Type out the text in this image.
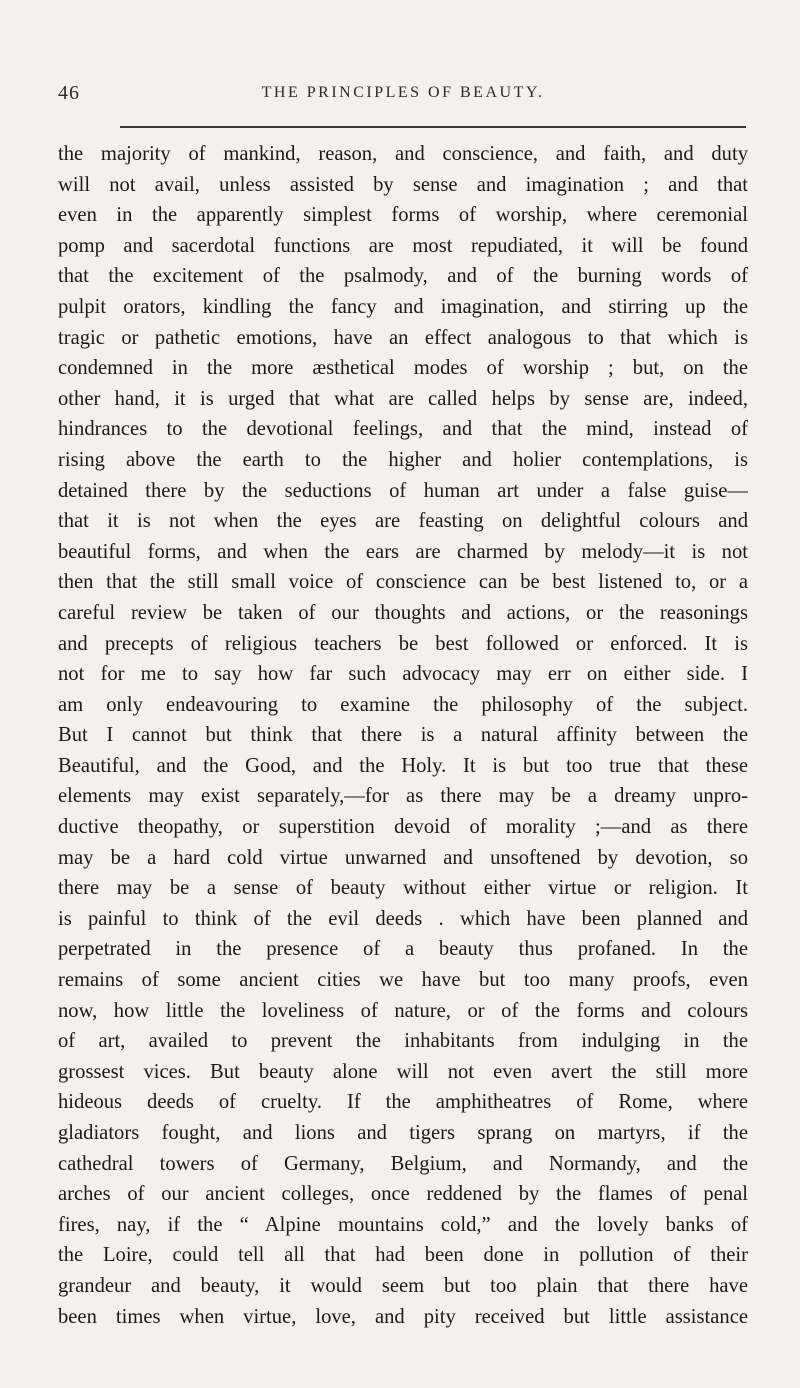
46	THE PRINCIPLES OF BEAUTY.
the majority of mankind, reason, and conscience, and faith, and duty
will not avail, unless assisted by sense and imagination ; and that
even in the apparently simplest forms of worship, where ceremonial
pomp and sacerdotal functions are most repudiated, it will be found
that the excitement of the psalmody, and of the burning words of
pulpit orators, kindling the fancy and imagination, and stirring up the
tragic or pathetic emotions, have an effect analogous to that which is
condemned in the more æsthetical modes of worship ; but, on the
other hand, it is urged that what are called helps by sense are, indeed,
hindrances to the devotional feelings, and that the mind, instead of
rising above the earth to the higher and holier contemplations, is
detained there by the seductions of human art under a false guise—
that it is not when the eyes are feasting on delightful colours and
beautiful forms, and when the ears are charmed by melody—it is not
then that the still small voice of conscience can be best listened to, or a
careful review be taken of our thoughts and actions, or the reasonings
and precepts of religious teachers be best followed or enforced. It is
not for me to say how far such advocacy may err on either side. I
am only endeavouring to examine the philosophy of the subject.
But I cannot but think that there is a natural affinity between the
Beautiful, and the Good, and the Holy. It is but too true that these
elements may exist separately,—for as there may be a dreamy unpro-
ductive theopathy, or superstition devoid of morality ;—and as there
may be a hard cold virtue unwarned and unsoftened by devotion, so
there may be a sense of beauty without either virtue or religion. It
is painful to think of the evil deeds . which have been planned and
perpetrated in the presence of a beauty thus profaned. In the
remains of some ancient cities we have but too many proofs, even
now, how little the loveliness of nature, or of the forms and colours
of art, availed to prevent the inhabitants from indulging in the
grossest vices. But beauty alone will not even avert the still more
hideous deeds of cruelty. If the amphitheatres of Rome, where
gladiators fought, and lions and tigers sprang on martyrs, if the
cathedral towers of Germany, Belgium, and Normandy, and the
arches of our ancient colleges, once reddened by the flames of penal
fires, nay, if the “ Alpine mountains cold,” and the lovely banks of
the Loire, could tell all that had been done in pollution of their
grandeur and beauty, it would seem but too plain that there have
been times when virtue, love, and pity received but little assistance
